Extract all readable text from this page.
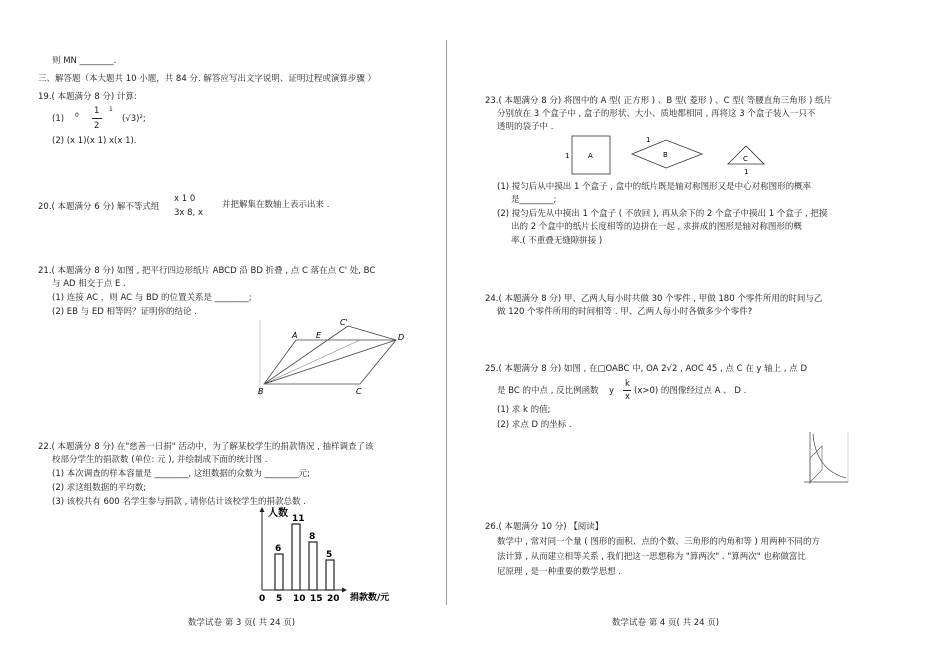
则 MN ________.
三、解答题（本大题共 10 小题，共 84 分. 解答应写出文字说明、证明过程或演算步骤 ）
19.( 本题满分 8 分) 计算:
(1) 0 1
2
1
(√3)²;
(2) (x 1)(x 1) x(x 1).
20.( 本题满分 6 分) 解不等式组
x 1 0
3x 8, x
并把解集在数轴上表示出来 .
21.( 本题满分 8 分) 如图 , 把平行四边形纸片 ABCD 沿 BD 折叠 , 点 C 落在点 C' 处, BC
与 AD 相交于点 E .
(1) 连接 AC ，则 AC 与 BD 的位置关系是 ________;
(2) EB 与 ED 相等吗？证明你的结论 .
A E
C'
D
B	C
22.( 本题满分 8 分) 在"慈善一日捐" 活动中，为了解某校学生的捐款情况 , 抽样调查了该
校部分学生的捐款数 (单位: 元 ), 并绘制成下面的统计图 .
(1) 本次调查的样本容量是 ________, 这组数据的众数为 ________元;
(2) 求这组数据的平均数;
(3) 该校共有 600 名学生参与捐款 , 请你估计该校学生的捐款总数 .
人数
捐款数/元
0 5 10 15 20
6
11
8
5
数学试卷 第 3 页( 共 24 页)
23.( 本题满分 8 分) 将图中的 A 型( 正方形 ) 、B 型( 菱形 ) 、C 型( 等腰直角三角形 ) 纸片
分别放在 3 个盒子中 , 盒子的形状、大小、质地都相同 , 再将这 3 个盒子装入一只不
透明的袋子中 .
1	A
1
B	C
1
(1) 搅匀后从中摸出 1 个盒子 , 盒中的纸片既是轴对称图形又是中心对称图形的概率
是________;
(2) 搅匀后先从中摸出 1 个盒子 ( 不放回 ), 再从余下的 2 个盒子中摸出 1 个盒子 , 把摸
出的 2 个盒中的纸片长度相等的边拼在一起 , 求拼成的图形是轴对称图形的概
率.( 不重叠无缝隙拼接 )
24.( 本题满分 8 分) 甲、乙两人每小时共做 30 个零件 , 甲做 180 个零件所用的时间与乙
做 120 个零件所用的时间相等 . 甲、乙两人每小时各做多少个零件?
25.( 本题满分 8 分) 如图 , 在□OABC 中, OA 2√2 , AOC 45 , 点 C 在 y 轴上 , 点 D
是 BC 的中点 , 反比例函数 y
k
x
(x>0) 的图像经过点 A 、 D .
(1) 求 k 的值;
(2) 求点 D 的坐标 .
26.( 本题满分 10 分) 【阅读】
数学中 , 常对同一个量 ( 图形的面积、点的个数、三角形的内角和等 ) 用两种不同的方
法计算 , 从而建立相等关系 , 我们把这一思想称为 "算两次" . "算两次" 也称做富比
尼原理 , 是一种重要的数学思想 .
数学试卷 第 4 页( 共 24 页)
